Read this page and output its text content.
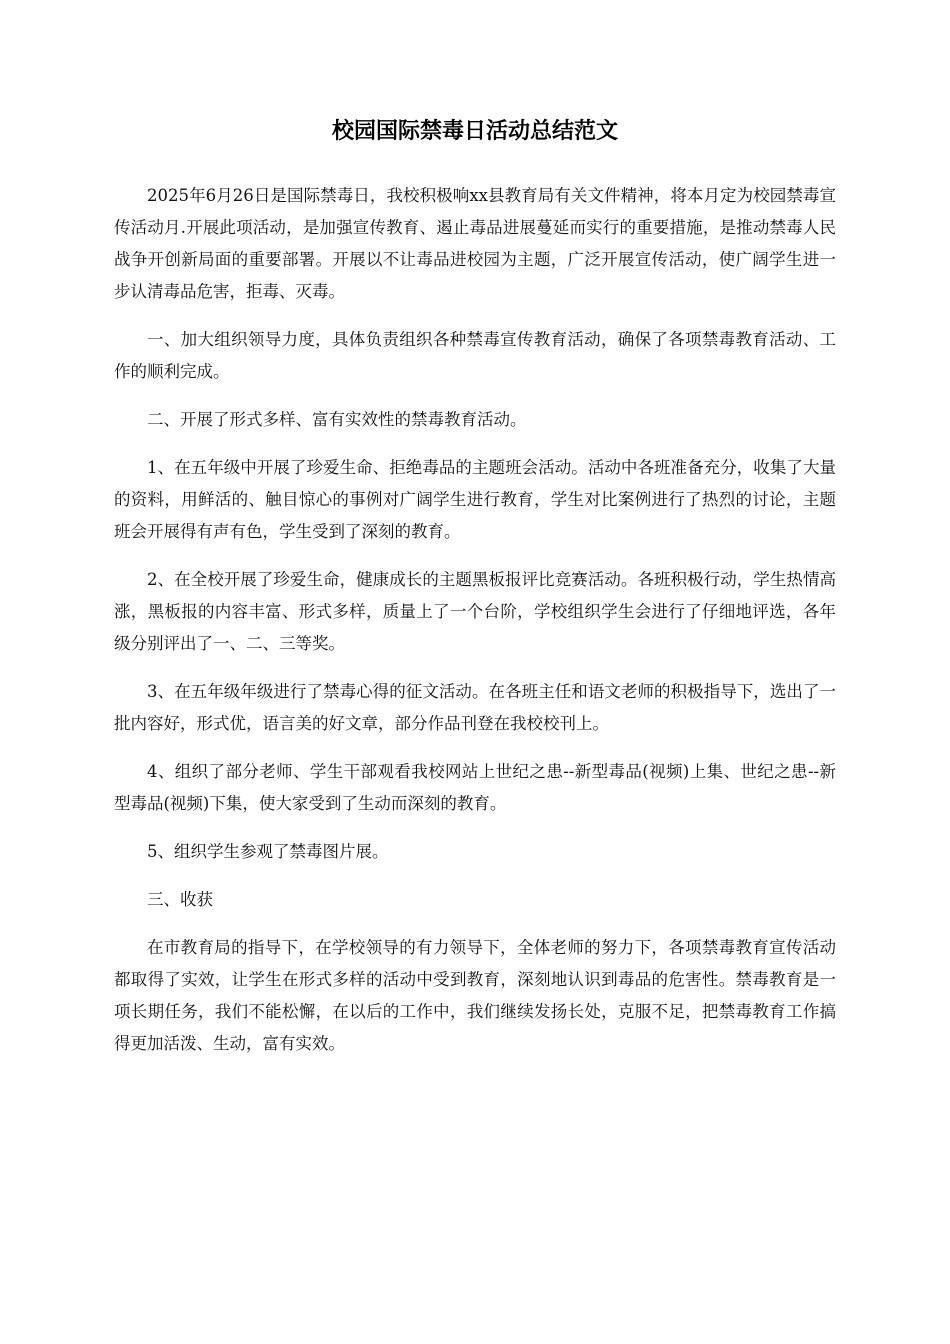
校园国际禁毒日活动总结范文

2025年6月26日是国际禁毒日，我校积极响xx县教育局有关文件精神，将本月定为校园禁毒宣传活动月.开展此项活动，是加强宣传教育、遏止毒品进展蔓延而实行的重要措施，是推动禁毒人民战争开创新局面的重要部署。开展以不让毒品进校园为主题，广泛开展宣传活动，使广阔学生进一步认清毒品危害，拒毒、灭毒。

一、加大组织领导力度，具体负责组织各种禁毒宣传教育活动，确保了各项禁毒教育活动、工作的顺利完成。

二、开展了形式多样、富有实效性的禁毒教育活动。

1、在五年级中开展了珍爱生命、拒绝毒品的主题班会活动。活动中各班准备充分，收集了大量的资料，用鲜活的、触目惊心的事例对广阔学生进行教育，学生对比案例进行了热烈的讨论，主题班会开展得有声有色，学生受到了深刻的教育。

2、在全校开展了珍爱生命，健康成长的主题黑板报评比竞赛活动。各班积极行动，学生热情高涨，黑板报的内容丰富、形式多样，质量上了一个台阶，学校组织学生会进行了仔细地评选，各年级分别评出了一、二、三等奖。

3、在五年级年级进行了禁毒心得的征文活动。在各班主任和语文老师的积极指导下，选出了一批内容好，形式优，语言美的好文章，部分作品刊登在我校校刊上。

4、组织了部分老师、学生干部观看我校网站上世纪之患--新型毒品(视频)上集、世纪之患--新型毒品(视频)下集，使大家受到了生动而深刻的教育。

5、组织学生参观了禁毒图片展。

三、收获

在市教育局的指导下，在学校领导的有力领导下，全体老师的努力下，各项禁毒教育宣传活动都取得了实效，让学生在形式多样的活动中受到教育，深刻地认识到毒品的危害性。禁毒教育是一项长期任务，我们不能松懈，在以后的工作中，我们继续发扬长处，克服不足，把禁毒教育工作搞得更加活泼、生动，富有实效。
